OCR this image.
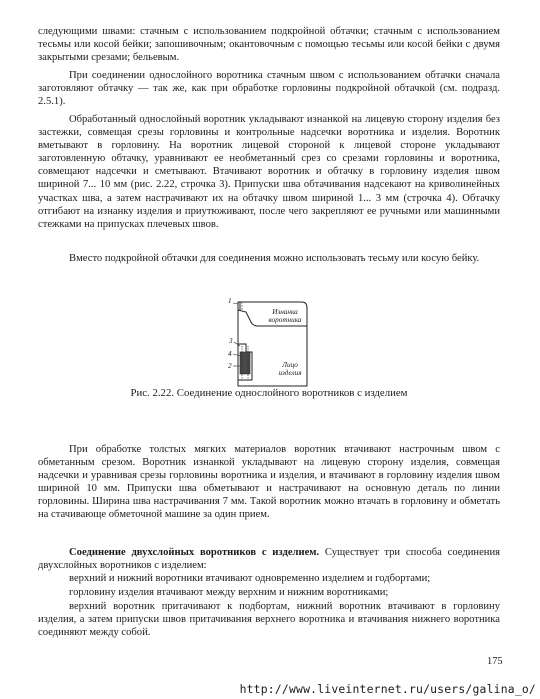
следующими швами: стачным с использованием подкройной обтачки; стачным с использованием тесьмы или косой бейки; запошивочным; окантовочным с помощью тесьмы или косой бейки с двумя закрытыми срезами; бельевым.

При соединении однослойного воротника стачным швом с использованием обтачки сначала заготовляют обтачку — так же, как при обработке горловины подкройной обтачкой (см. подразд. 2.5.1).

Обработанный однослойный воротник укладывают изнанкой на лицевую сторону изделия без застежки, совмещая срезы горловины и контрольные надсечки воротника и изделия. Воротник вметывают в горловину. На воротник лицевой стороной к лицевой стороне укладывают заготовленную обтачку, уравнивают ее необметанный срез со срезами горловины и воротника, совмещают надсечки и сметывают. Втачивают воротник и обтачку в горловину изделия швом шириной 7... 10 мм (рис. 2.22, строчка 3). Припуски шва обтачивания надсекают на криволинейных участках шва, а затем настрачивают их на обтачку швом шириной 1... 3 мм (строчка 4). Обтачку отгибают на изнанку изделия и приутюживают, после чего закрепляют ее ручными или машинными стежками на припусках плечевых швов.

Вместо подкройной обтачки для соединения можно использовать тесьму или косую бейку.

1
3
4
2
Изнанка воротника
Лицо изделия
Рис. 2.22. Соединение однослойного воротников с изделием

При обработке толстых мягких материалов воротник втачивают настрочным швом с обметанным срезом. Воротник изнанкой укладывают на лицевую сторону изделия, совмещая надсечки и уравнивая срезы горловины воротника и изделия, и втачивают в горловину изделия швом шириной 10 мм. Припуски шва обметывают и настрачивают на основную деталь по линии горловины. Ширина шва настрачивания 7 мм. Такой воротник можно втачать в горловину и обметать на стачивающе обметочной машине за один прием.

Соединение двухслойных воротников с изделием. Существует три способа соединения двухслойных воротников с изделием:

верхний и нижний воротники втачивают одновременно изделием и годбортами;

горловину изделия втачивают между верхним и нижним воротниками;

верхний воротник притачивают к подбортам, нижний воротник втачивают в горловину изделия, а затем припуски швов притачивания верхнего воротника и втачивания нижнего воротника соединяют между собой.

175
http://www.liveinternet.ru/users/galina_o/
